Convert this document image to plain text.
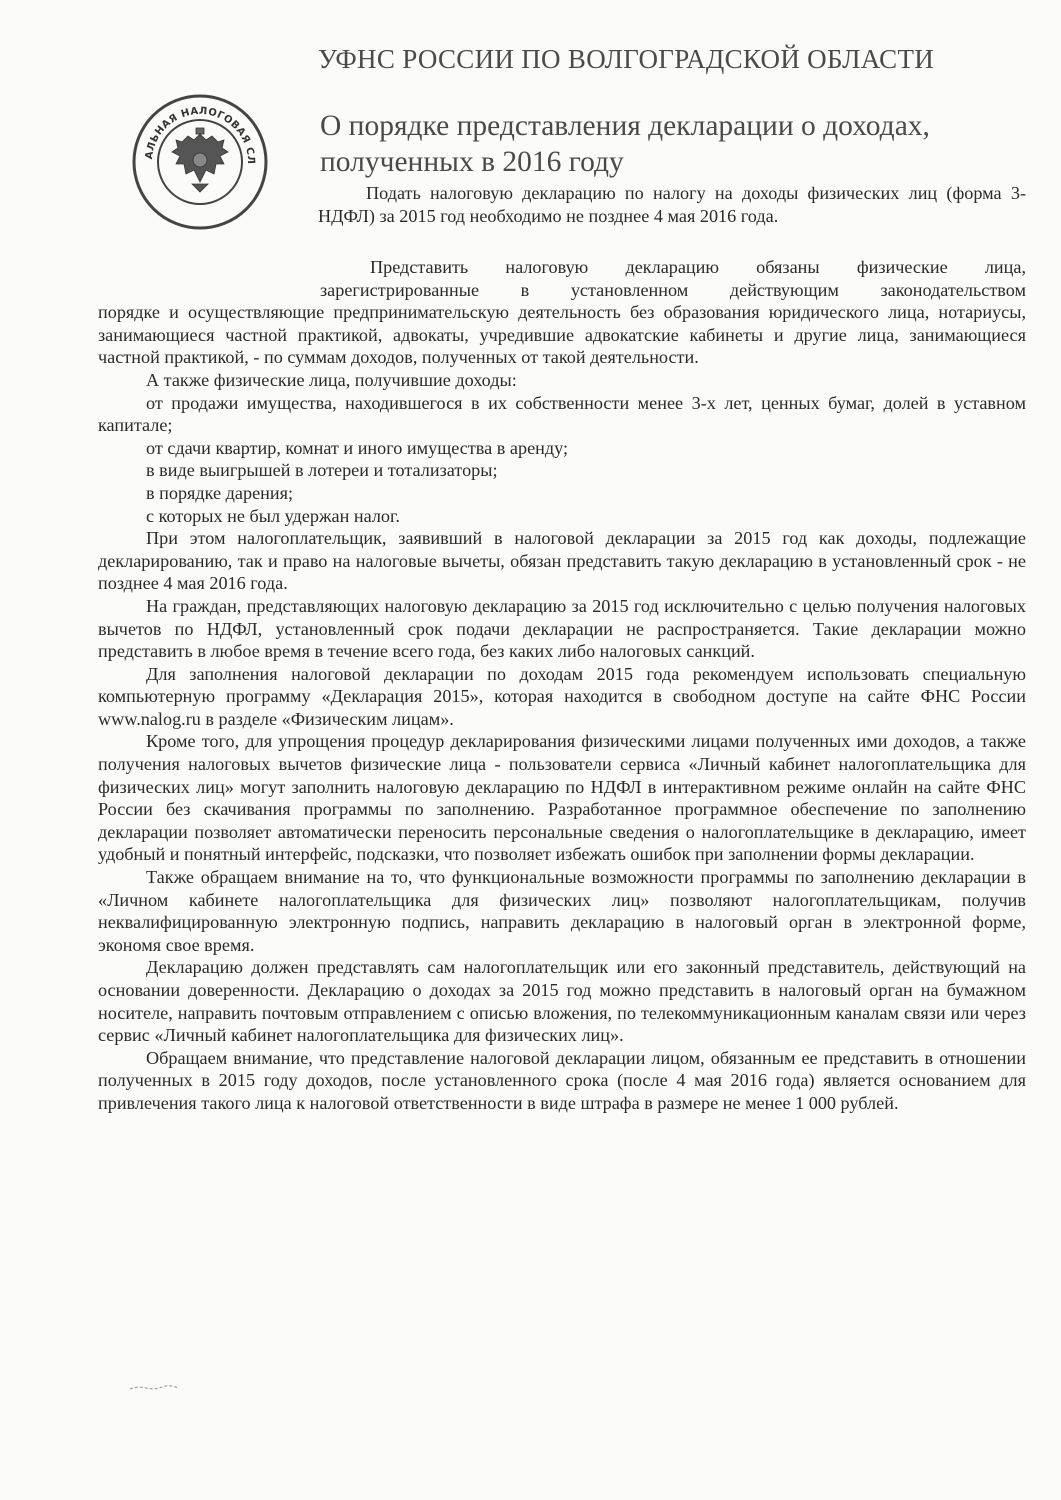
УФНС РОССИИ ПО ВОЛГОГРАДСКОЙ ОБЛАСТИ
АЛЬНАЯ НАЛОГОВАЯ СЛ
О порядке представления декларации о доходах,
полученных в 2016 году

Подать налоговую декларацию по налогу на доходы физических лиц (форма 3-НДФЛ) за 2015 год необходимо не позднее 4 мая 2016 года.

Представить налоговую декларацию обязаны физические лица,

зарегистрированные в установленном действующим законодательством

порядке и осуществляющие предпринимательскую деятельность без образования юридического лица, нотариусы, занимающиеся частной практикой, адвокаты, учредившие адвокатские кабинеты и другие лица, занимающиеся частной практикой, - по суммам доходов, полученных от такой деятельности.

А также физические лица, получившие доходы:

от продажи имущества, находившегося в их собственности менее 3-х лет, ценных бумаг, долей в уставном капитале;

от сдачи квартир, комнат и иного имущества в аренду;

в виде выигрышей в лотереи и тотализаторы;

в порядке дарения;

с которых не был удержан налог.

При этом налогоплательщик, заявивший в налоговой декларации за 2015 год как доходы, подлежащие декларированию, так и право на налоговые вычеты, обязан представить такую декларацию в установленный срок - не позднее 4 мая 2016 года.

На граждан, представляющих налоговую декларацию за 2015 год исключительно с целью получения налоговых вычетов по НДФЛ, установленный срок подачи декларации не распространяется. Такие декларации можно представить в любое время в течение всего года, без каких либо налоговых санкций.

Для заполнения налоговой декларации по доходам 2015 года рекомендуем использовать специальную компьютерную программу «Декларация 2015», которая находится в свободном доступе на сайте ФНС России www.nalog.ru в разделе «Физическим лицам».

Кроме того, для упрощения процедур декларирования физическими лицами полученных ими доходов, а также получения налоговых вычетов физические лица - пользователи сервиса «Личный кабинет налогоплательщика для физических лиц» могут заполнить налоговую декларацию по НДФЛ в интерактивном режиме онлайн на сайте ФНС России без скачивания программы по заполнению. Разработанное программное обеспечение по заполнению декларации позволяет автоматически переносить персональные сведения о налогоплательщике в декларацию, имеет удобный и понятный интерфейс, подсказки, что позволяет избежать ошибок при заполнении формы декларации.

Также обращаем внимание на то, что функциональные возможности программы по заполнению декларации в «Личном кабинете налогоплательщика для физических лиц» позволяют налогоплательщикам, получив неквалифицированную электронную подпись, направить декларацию в налоговый орган в электронной форме, экономя свое время.

Декларацию должен представлять сам налогоплательщик или его законный представитель, действующий на основании доверенности. Декларацию о доходах за 2015 год можно представить в налоговый орган на бумажном носителе, направить почтовым отправлением с описью вложения, по телекоммуникационным каналам связи или через сервис «Личный кабинет налогоплательщика для физических лиц».

Обращаем внимание, что представление налоговой декларации лицом, обязанным ее представить в отношении полученных в 2015 году доходов, после установленного срока (после 4 мая 2016 года) является основанием для привлечения такого лица к налоговой ответственности в виде штрафа в размере не менее 1 000 рублей.
